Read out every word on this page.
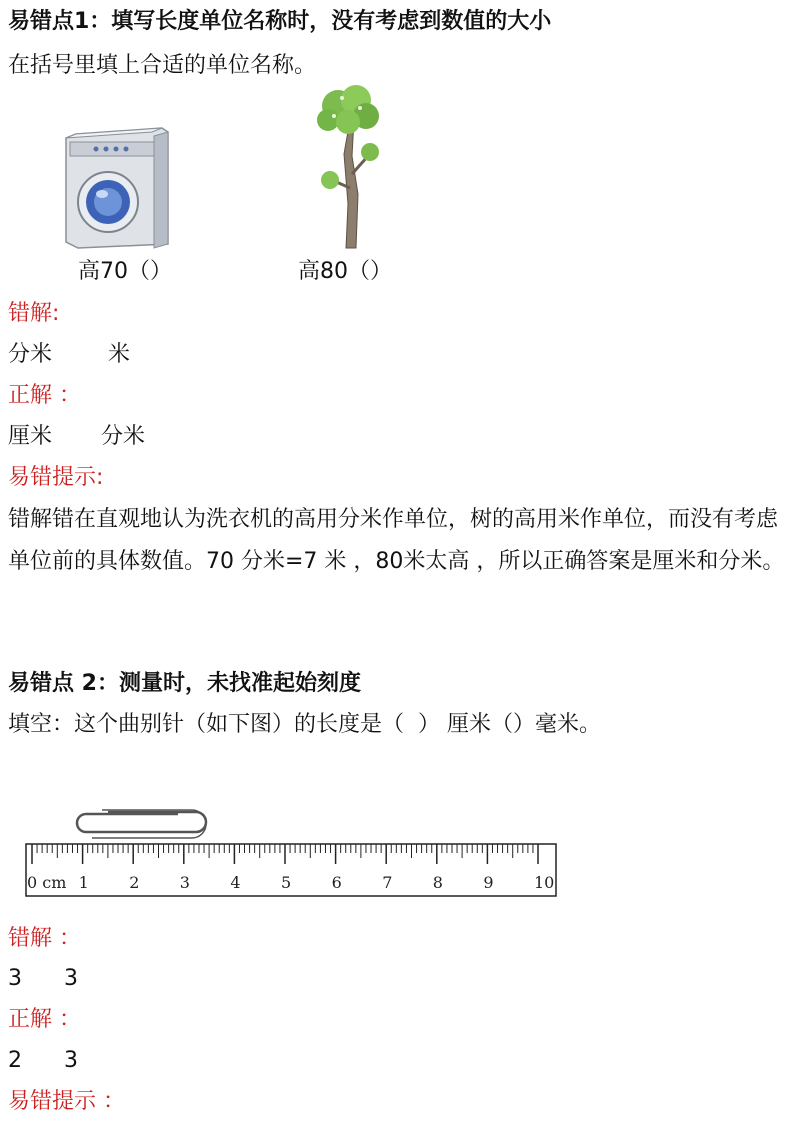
易错点1：填写长度单位名称时，没有考虑到数值的大小
在括号里填上合适的单位名称。
高70（）	高80（）
错解:
分米        米
正解 ：
厘米       分米
易错提示:
错解错在直观地认为洗衣机的高用分米作单位，树的高用米作单位，而没有考虑单位前的具体数值。70 分米=7 米 ，80米太高 ，所以正确答案是厘米和分米。
易错点 2：测量时，未找准起始刻度
填空：这个曲别针（如下图）的长度是（  ） 厘米（）毫米。
0 cm 1	2	3	4	5	6	7	8	9	10
错解 ：
3      3
正解 ：
2      3
易错提示 ：
